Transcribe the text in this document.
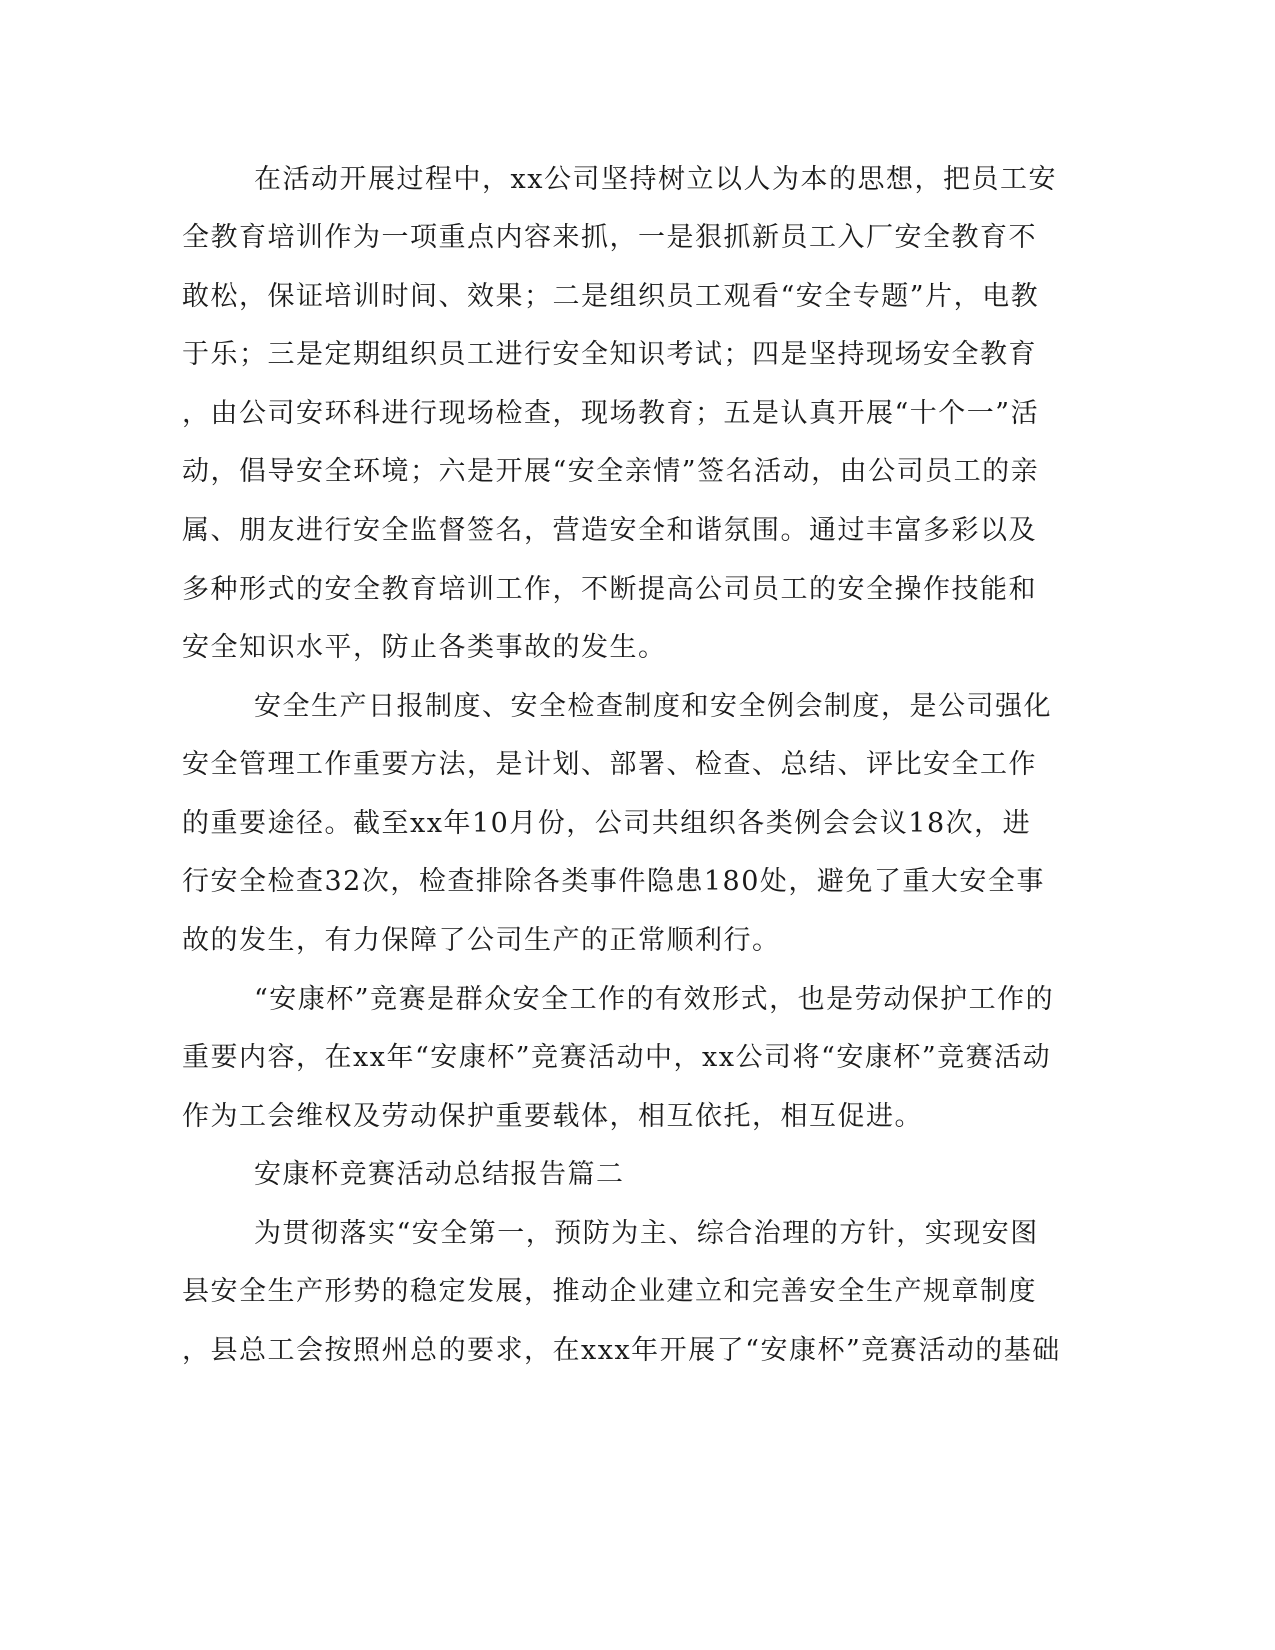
在活动开展过程中，xx公司坚持树立以人为本的思想，把员工安
全教育培训作为一项重点内容来抓，一是狠抓新员工入厂安全教育不
敢松，保证培训时间、效果；二是组织员工观看“安全专题”片，电教
于乐；三是定期组织员工进行安全知识考试；四是坚持现场安全教育
，由公司安环科进行现场检查，现场教育；五是认真开展“十个一”活
动，倡导安全环境；六是开展“安全亲情”签名活动，由公司员工的亲
属、朋友进行安全监督签名，营造安全和谐氛围。通过丰富多彩以及
多种形式的安全教育培训工作，不断提高公司员工的安全操作技能和
安全知识水平，防止各类事故的发生。
安全生产日报制度、安全检查制度和安全例会制度，是公司强化
安全管理工作重要方法，是计划、部署、检查、总结、评比安全工作
的重要途径。截至xx年10月份，公司共组织各类例会会议18次，进
行安全检查32次，检查排除各类事件隐患180处，避免了重大安全事
故的发生，有力保障了公司生产的正常顺利行。
“安康杯”竞赛是群众安全工作的有效形式，也是劳动保护工作的
重要内容，在xx年“安康杯”竞赛活动中，xx公司将“安康杯”竞赛活动
作为工会维权及劳动保护重要载体，相互依托，相互促进。
安康杯竞赛活动总结报告篇二
为贯彻落实“安全第一，预防为主、综合治理的方针，实现安图
县安全生产形势的稳定发展，推动企业建立和完善安全生产规章制度
，县总工会按照州总的要求，在xxx年开展了“安康杯”竞赛活动的基础
